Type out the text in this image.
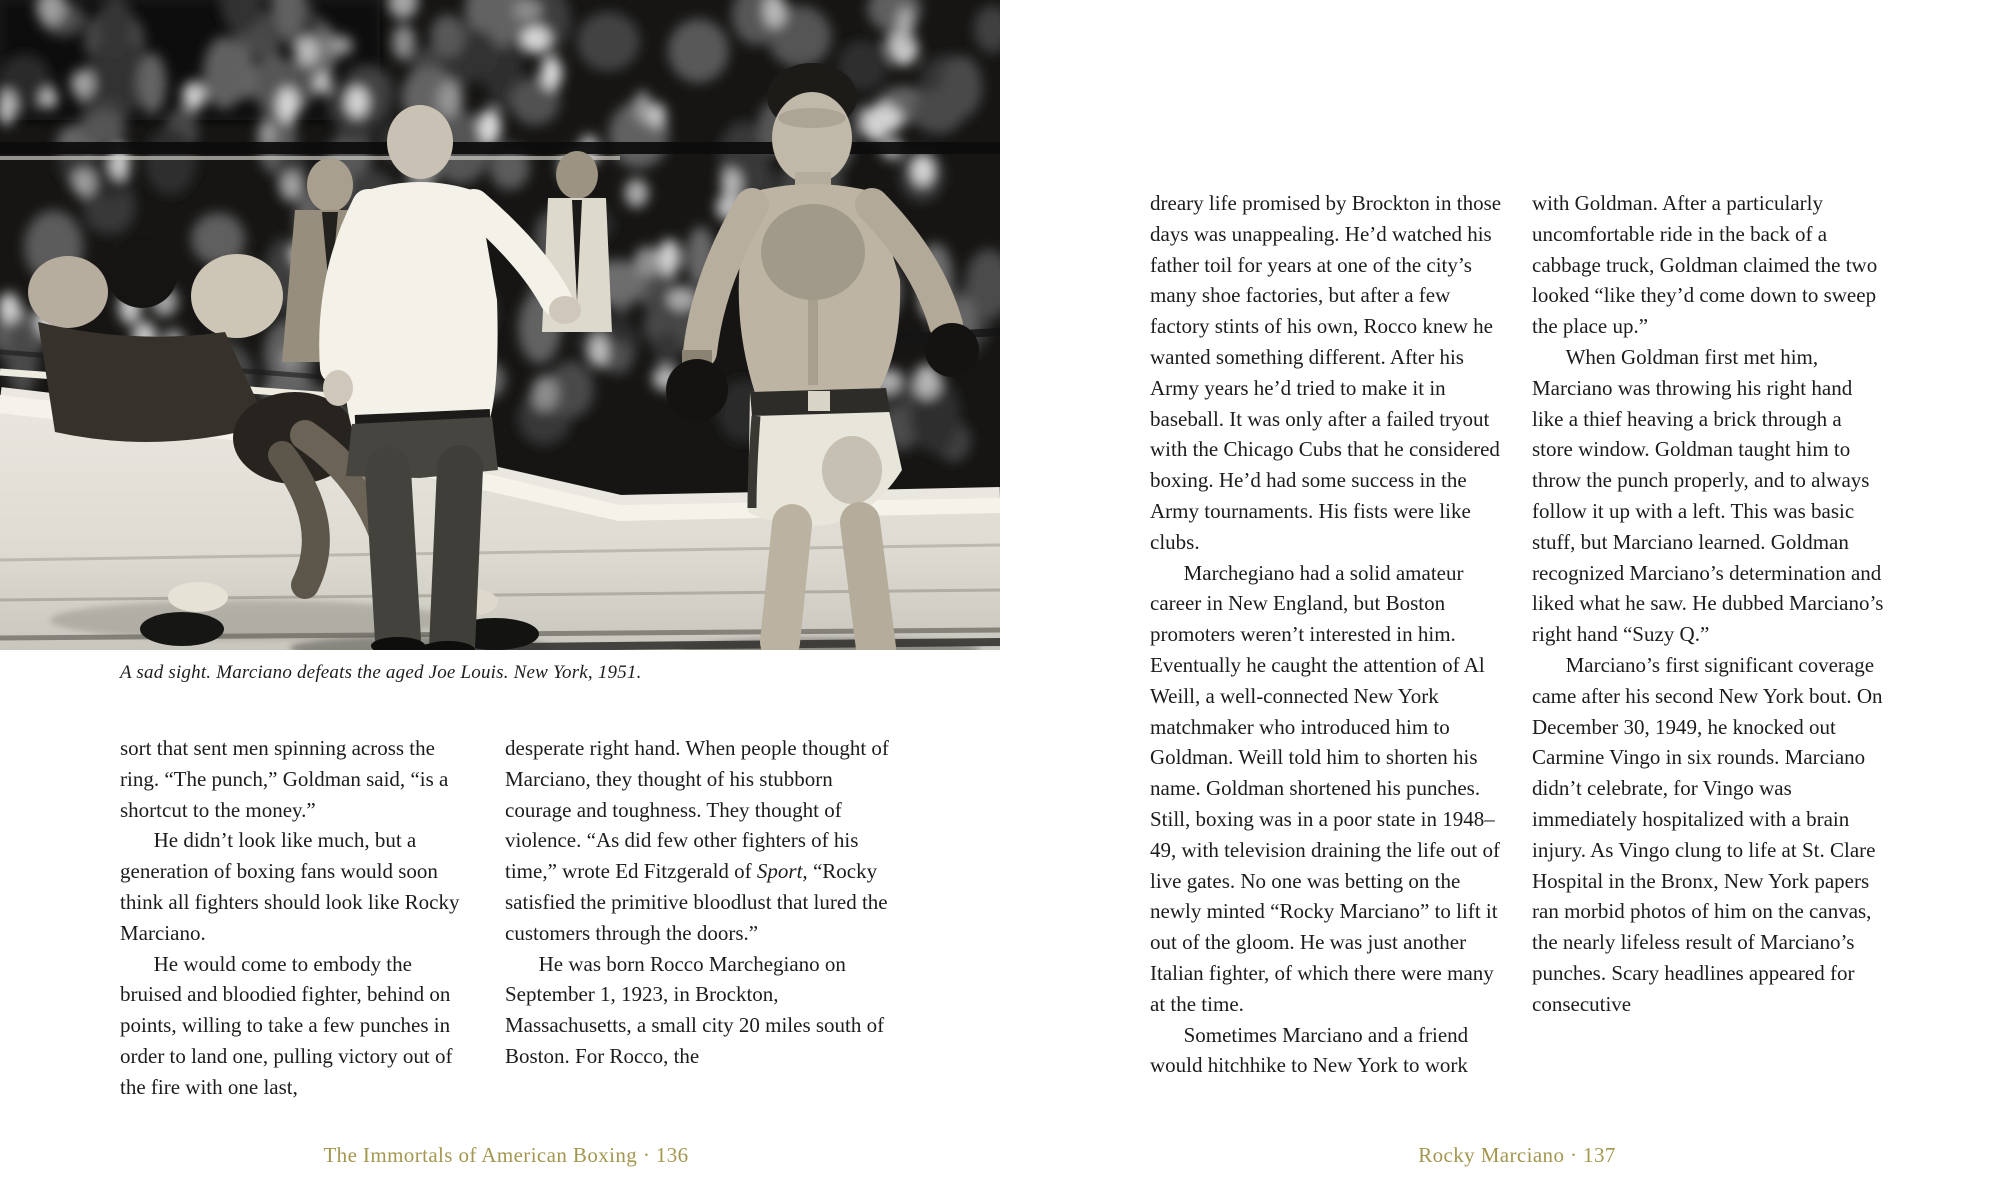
A sad sight. Marciano defeats the aged Joe Louis. New York, 1951.

sort that sent men spinning across the ring. “The punch,” Goldman said, “is a shortcut to the money.”

He didn’t look like much, but a generation of boxing fans would soon think all fighters should look like Rocky Marciano.

He would come to embody the bruised and bloodied fighter, behind on points, willing to take a few punches in order to land one, pulling victory out of the fire with one last,

desperate right hand. When people thought of Marciano, they thought of his stubborn courage and toughness. They thought of violence. “As did few other fighters of his time,” wrote Ed Fitzgerald of Sport, “Rocky satisfied the primitive bloodlust that lured the customers through the doors.”

He was born Rocco Marchegiano on September 1, 1923, in Brockton, Massachusetts, a small city 20 miles south of Boston. For Rocco, the

The Immortals of American Boxing · 136

dreary life promised by Brockton in those days was unappealing. He’d watched his father toil for years at one of the city’s many shoe factories, but after a few factory stints of his own, Rocco knew he wanted something different. After his Army years he’d tried to make it in baseball. It was only after a failed tryout with the Chicago Cubs that he considered boxing. He’d had some success in the Army tournaments. His fists were like clubs.

Marchegiano had a solid amateur career in New England, but Boston promoters weren’t interested in him. Eventually he caught the attention of Al Weill, a well-connected New York matchmaker who introduced him to Goldman. Weill told him to shorten his name. Goldman shortened his punches. Still, boxing was in a poor state in 1948–49, with television draining the life out of live gates. No one was betting on the newly minted “Rocky Marciano” to lift it out of the gloom. He was just another Italian fighter, of which there were many at the time.

Sometimes Marciano and a friend would hitchhike to New York to work

with Goldman. After a particularly uncomfortable ride in the back of a cabbage truck, Goldman claimed the two looked “like they’d come down to sweep the place up.”

When Goldman first met him, Marciano was throwing his right hand like a thief heaving a brick through a store window. Goldman taught him to throw the punch properly, and to always follow it up with a left. This was basic stuff, but Marciano learned. Goldman recognized Marciano’s determination and liked what he saw. He dubbed Marciano’s right hand “Suzy Q.”

Marciano’s first significant coverage came after his second New York bout. On December 30, 1949, he knocked out Carmine Vingo in six rounds. Marciano didn’t celebrate, for Vingo was immediately hospitalized with a brain injury. As Vingo clung to life at St. Clare Hospital in the Bronx, New York papers ran morbid photos of him on the canvas, the nearly lifeless result of Marciano’s punches. Scary headlines appeared for consecutive

Rocky Marciano · 137
